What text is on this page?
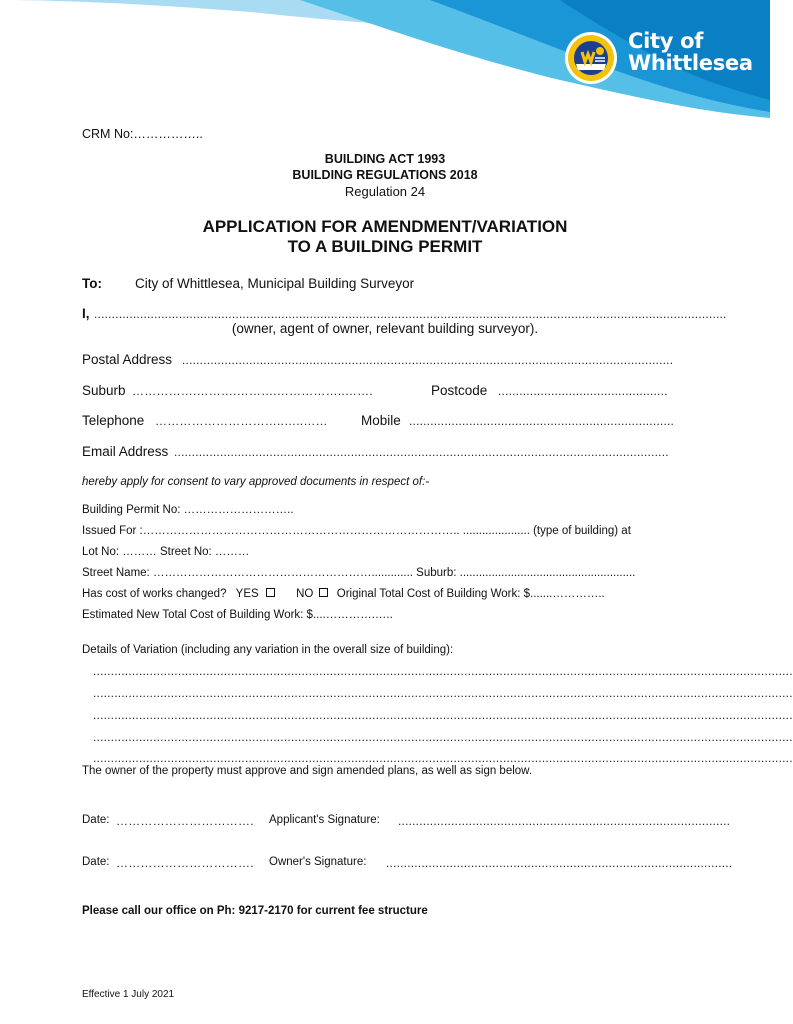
City of
Whittlesea
CRM No:……………..
BUILDING ACT 1993
BUILDING REGULATIONS 2018
Regulation 24
APPLICATION FOR AMENDMENT/VARIATION
TO A BUILDING PERMIT
To: City of Whittlesea, Municipal Building Surveyor
I, ...................................................................................................................................................................................
(owner, agent of owner, relevant building surveyor).
Postal Address ...........................................................................................................................................
Suburb …………….……….……….……………..…….	Postcode ................................................
Telephone …………………………..…..……	Mobile ...........................................................................
Email Address ............................................................................................................................................
hereby apply for consent to vary approved documents in respect of:-
Building Permit No: ………………………..
Issued For :……………………………………………………………………….. ..................... (type of building) at
Lot No: ……… Street No: ………
Street Name: …………………………………………………............. Suburb: .......................................................
Has cost of works changed? YES	NO Original Total Cost of Building Work: $.......…………..
Estimated New Total Cost of Building Work: $....………….…..
Details of Variation (including any variation in the overall size of building):
......................................................................................................................................................................................................
......................................................................................................................................................................................................
......................................................................................................................................................................................................
......................................................................................................................................................................................................
......................................................................................................................................................................................................
The owner of the property must approve and sign amended plans, as well as sign below.
Date: …………………………….	Applicant's Signature: ..............................................................................................
Date: …………………………….	Owner's Signature: ..................................................................................................
Please call our office on Ph: 9217-2170 for current fee structure
Effective 1 July 2021
